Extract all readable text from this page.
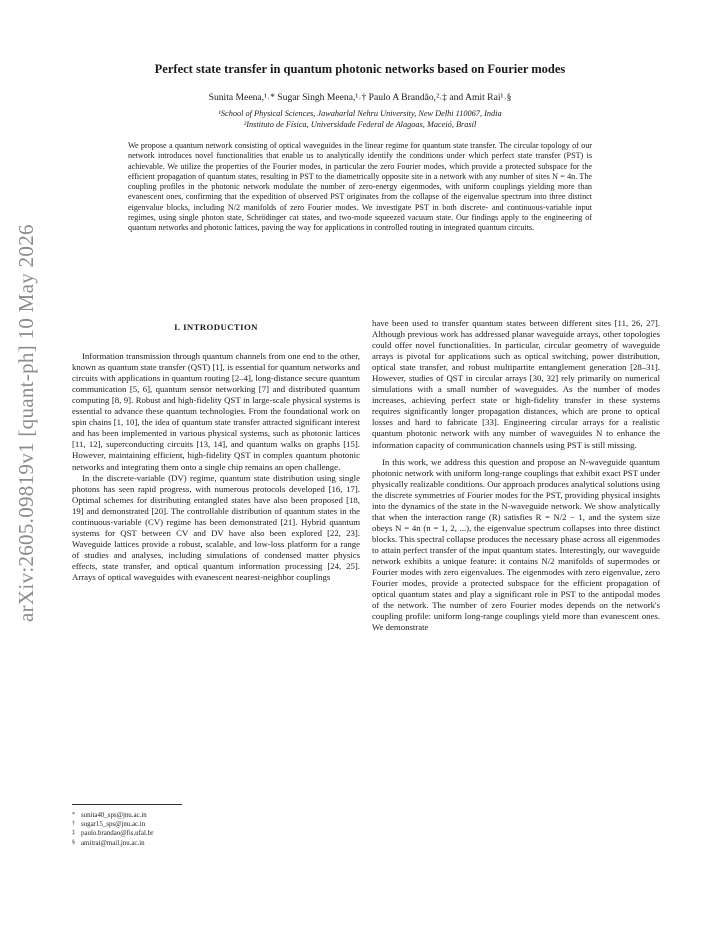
arXiv:2605.09819v1 [quant-ph] 10 May 2026
Perfect state transfer in quantum photonic networks based on Fourier modes
Sunita Meena,¹˒* Sugar Singh Meena,¹˒† Paulo A Brandão,²˒‡ and Amit Rai¹˒§
¹School of Physical Sciences, Jawaharlal Nehru University, New Delhi 110067, India
²Instituto de Física, Universidade Federal de Alagoas, Maceió, Brasil
We propose a quantum network consisting of optical waveguides in the linear regime for quantum state transfer. The circular topology of our network introduces novel functionalities that enable us to analytically identify the conditions under which perfect state transfer (PST) is achievable. We utilize the properties of the Fourier modes, in particular the zero Fourier modes, which provide a protected subspace for the efficient propagation of quantum states, resulting in PST to the diametrically opposite site in a network with any number of sites N = 4n. The coupling profiles in the photonic network modulate the number of zero-energy eigenmodes, with uniform couplings yielding more than evanescent ones, confirming that the expedition of observed PST originates from the collapse of the eigenvalue spectrum into three distinct eigenvalue blocks, including N/2 manifolds of zero Fourier modes. We investigate PST in both discrete- and continuous-variable input regimes, using single photon state, Schrödinger cat states, and two-mode squeezed vacuum state. Our findings apply to the engineering of quantum networks and photonic lattices, paving the way for applications in controlled routing in integrated quantum circuits.
I. INTRODUCTION

Information transmission through quantum channels from one end to the other, known as quantum state transfer (QST) [1], is essential for quantum networks and circuits with applications in quantum routing [2–4], long-distance secure quantum communication [5, 6], quantum sensor networking [7] and distributed quantum computing [8, 9]. Robust and high-fidelity QST in large-scale physical systems is essential to advance these quantum technologies. From the foundational work on spin chains [1, 10], the idea of quantum state transfer attracted significant interest and has been implemented in various physical systems, such as photonic lattices [11, 12], superconducting circuits [13, 14], and quantum walks on graphs [15]. However, maintaining efficient, high-fidelity QST in complex quantum photonic networks and integrating them onto a single chip remains an open challenge.

In the discrete-variable (DV) regime, quantum state distribution using single photons has seen rapid progress, with numerous protocols developed [16, 17]. Optimal schemes for distributing entangled states have also been proposed [18, 19] and demonstrated [20]. The controllable distribution of quantum states in the continuous-variable (CV) regime has been demonstrated [21]. Hybrid quantum systems for QST between CV and DV have also been explored [22, 23]. Waveguide lattices provide a robust, scalable, and low-loss platform for a range of studies and analyses, including simulations of condensed matter physics effects, state transfer, and optical quantum information processing [24, 25]. Arrays of optical waveguides with evanescent nearest-neighbor couplings

have been used to transfer quantum states between different sites [11, 26, 27]. Although previous work has addressed planar waveguide arrays, other topologies could offer novel functionalities. In particular, circular geometry of waveguide arrays is pivotal for applications such as optical switching, power distribution, optical state transfer, and robust multipartite entanglement generation [28–31]. However, studies of QST in circular arrays [30, 32] rely primarily on numerical simulations with a small number of waveguides. As the number of modes increases, achieving perfect state or high-fidelity transfer in these systems requires significantly longer propagation distances, which are prone to optical losses and hard to fabricate [33]. Engineering circular arrays for a realistic quantum photonic network with any number of waveguides N to enhance the information capacity of communication channels using PST is still missing.

In this work, we address this question and propose an N-waveguide quantum photonic network with uniform long-range couplings that exhibit exact PST under physically realizable conditions. Our approach produces analytical solutions using the discrete symmetries of Fourier modes for the PST, providing physical insights into the dynamics of the state in the N-waveguide network. We show analytically that when the interaction range (R) satisfies R = N/2 − 1, and the system size obeys N = 4n (n = 1, 2, ...), the eigenvalue spectrum collapses into three distinct blocks. This spectral collapse produces the necessary phase across all eigenmodes to attain perfect transfer of the input quantum states. Interestingly, our waveguide network exhibits a unique feature: it contains N/2 manifolds of supermodes or Fourier modes with zero eigenvalues. The eigenmodes with zero eigenvalue, zero Fourier modes, provide a protected subspace for the efficient propagation of optical quantum states and play a significant role in PST to the antipodal modes of the network. The number of zero Fourier modes depends on the network's coupling profile: uniform long-range couplings yield more than evanescent ones. We demonstrate

* sunita40_sps@jnu.ac.in
† sugar15_sps@jnu.ac.in
‡ paulo.brandao@fis.ufal.br
§ amitrai@mail.jnu.ac.in
